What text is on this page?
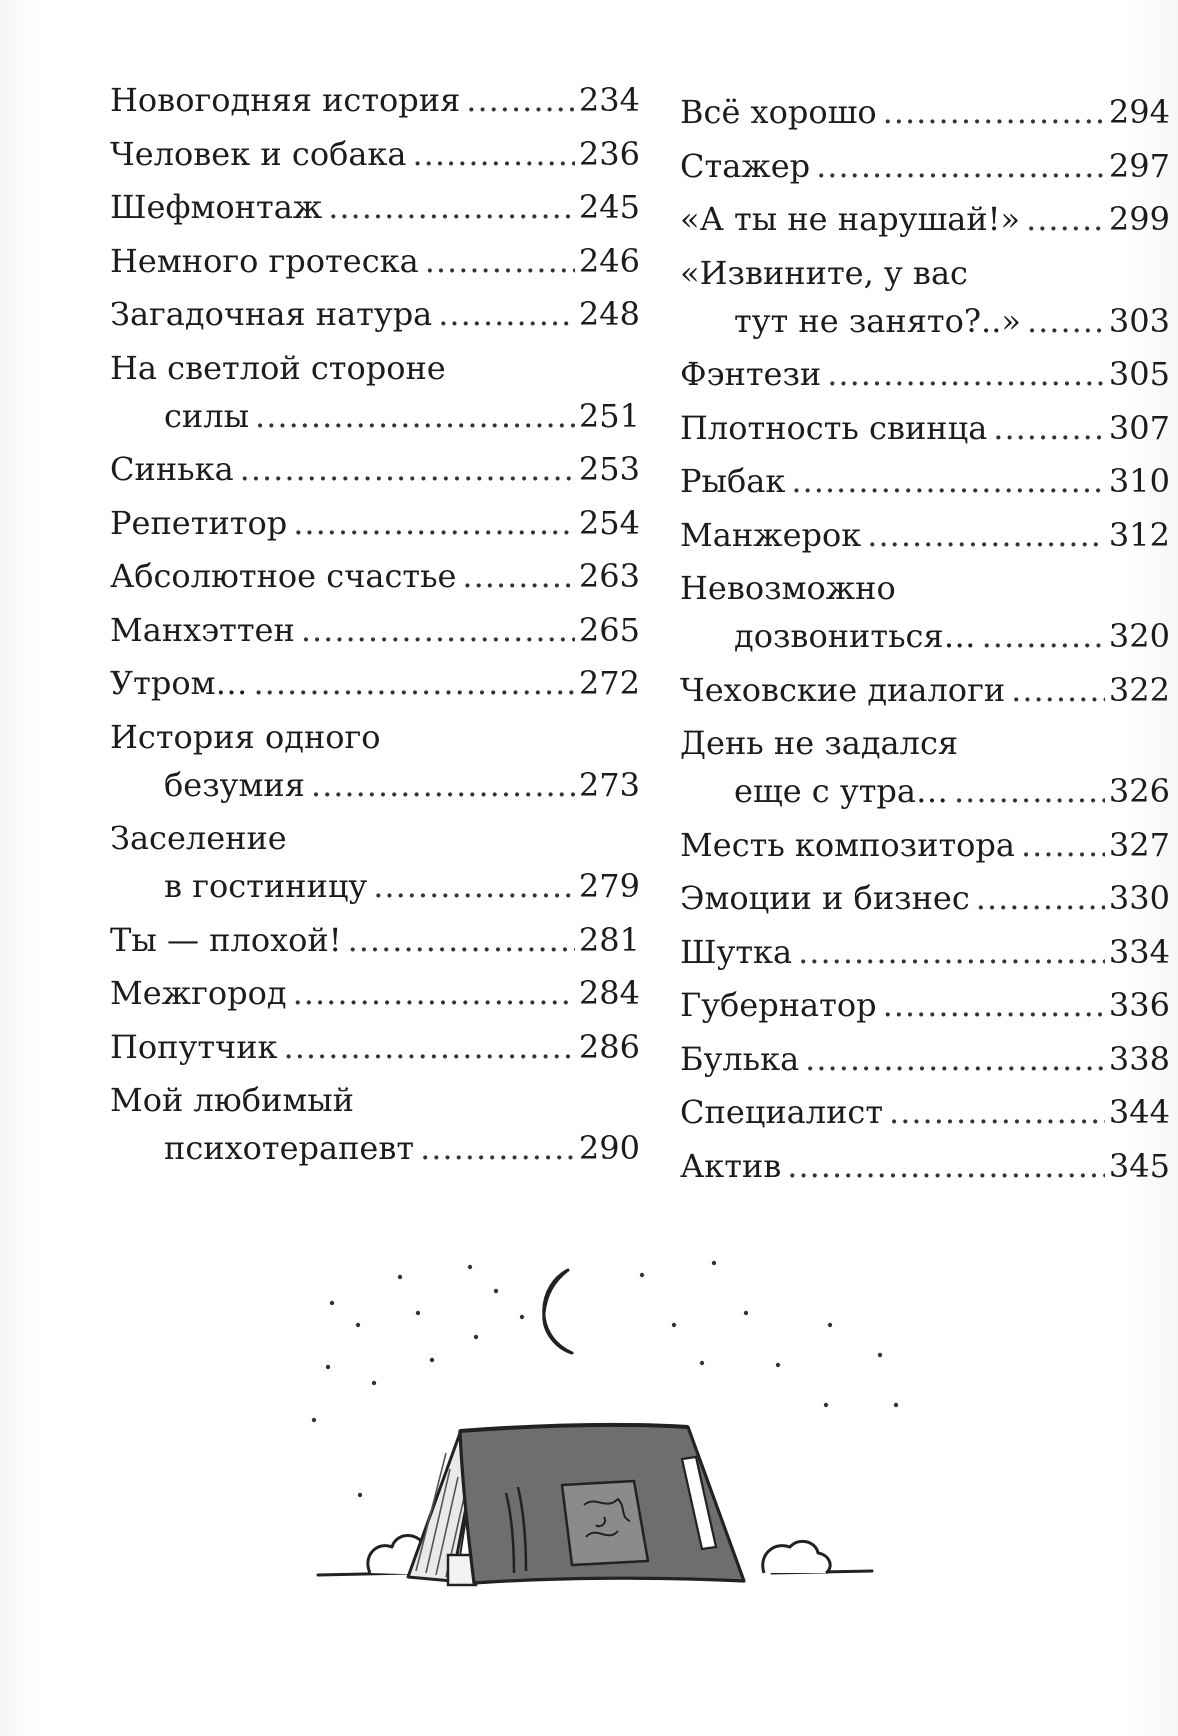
Новогодняя история .....	234
Человек и собака .....	236
Шефмонтаж .....	245
Немного гротеска .....	246
Загадочная натура .....	248
На светлой стороне
силы .....	251
Синька .....	253
Репетитор .....	254
Абсолютное счастье .....	263
Манхэттен .....	265
Утром… .....	272
История одного
безумия .....	273
Заселение
в гостиницу .....	279
Ты — плохой! .....	281
Межгород .....	284
Попутчик .....	286
Мой любимый
психотерапевт .....	290
Всё хорошо .....	294
Стажер .....	297
«А ты не нарушай!» .....	299
«Извините, у вас
тут не занято?..» .....	303
Фэнтези .....	305
Плотность свинца .....	307
Рыбак .....	310
Манжерок .....	312
Невозможно
дозвониться… .....	320
Чеховские диалоги .....	322
День не задался
еще с утра… .....	326
Месть композитора .....	327
Эмоции и бизнес .....	330
Шутка .....	334
Губернатор .....	336
Булька .....	338
Специалист .....	344
Актив .....	345
